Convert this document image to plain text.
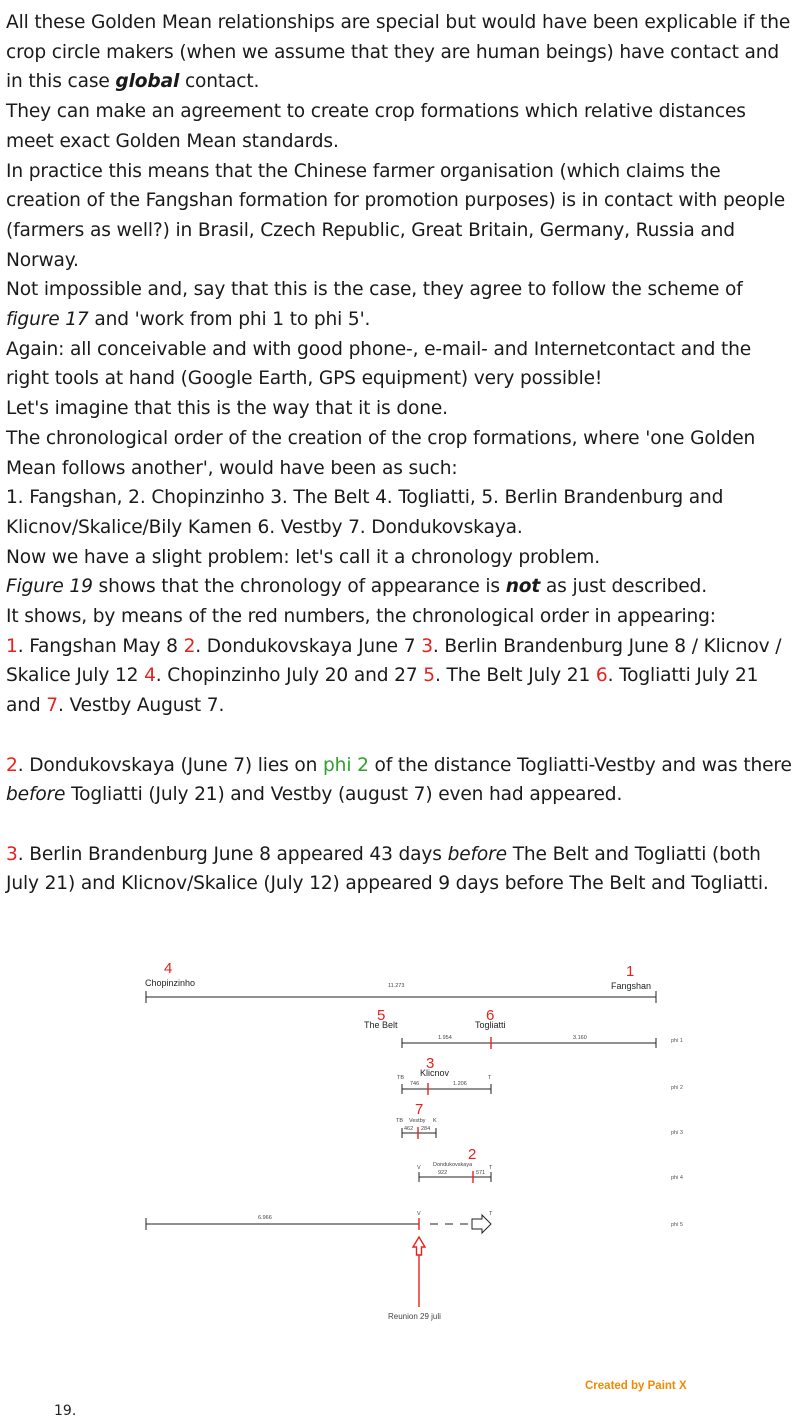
All these Golden Mean relationships are special but would have been explicable if the crop circle makers (when we assume that they are human beings) have contact and in this case global contact.

They can make an agreement to create crop formations which relative distances meet exact Golden Mean standards.

In practice this means that the Chinese farmer organisation (which claims the creation of the Fangshan formation for promotion purposes) is in contact with people (farmers as well?) in Brasil, Czech Republic, Great Britain, Germany, Russia and Norway.

Not impossible and, say that this is the case, they agree to follow the scheme of figure 17 and 'work from phi 1 to phi 5'.

Again: all conceivable and with good phone-, e-mail- and Internetcontact and the right tools at hand (Google Earth, GPS equipment) very possible!

Let's imagine that this is the way that it is done.

The chronological order of the creation of the crop formations, where 'one Golden Mean follows another', would have been as such:

1. Fangshan, 2. Chopinzinho 3. The Belt 4. Togliatti, 5. Berlin Brandenburg and Klicnov/Skalice/Bily Kamen 6. Vestby 7. Dondukovskaya.

Now we have a slight problem: let's call it a chronology problem.

Figure 19 shows that the chronology of appearance is not as just described.

It shows, by means of the red numbers, the chronological order in appearing:

1. Fangshan May 8 2. Dondukovskaya June 7 3. Berlin Brandenburg June 8 / Klicnov / Skalice July 12 4. Chopinzinho July 20 and 27 5. The Belt July 21 6. Togliatti July 21 and 7. Vestby August 7.

2. Dondukovskaya (June 7) lies on phi 2 of the distance Togliatti-Vestby and was there before Togliatti (July 21) and Vestby (august 7) even had appeared.

3. Berlin Brandenburg June 8 appeared 43 days before The Belt and Togliatti (both July 21) and Klicnov/Skalice (July 12) appeared 9 days before The Belt and Togliatti.

Chopinzinho	Fangshan
The Belt	Togliatti
Klicnov
Dondukovskaya
TB	T
TB Vestby K
V	T
V	T
11.273
1.954	3.160
746	1.206
462 284
922	571
6.966
phi 1
phi 2
phi 3
phi 4
phi 5
4	1
5	6
3
7
2
Reunion 29 juli
Created by Paint X
19.
